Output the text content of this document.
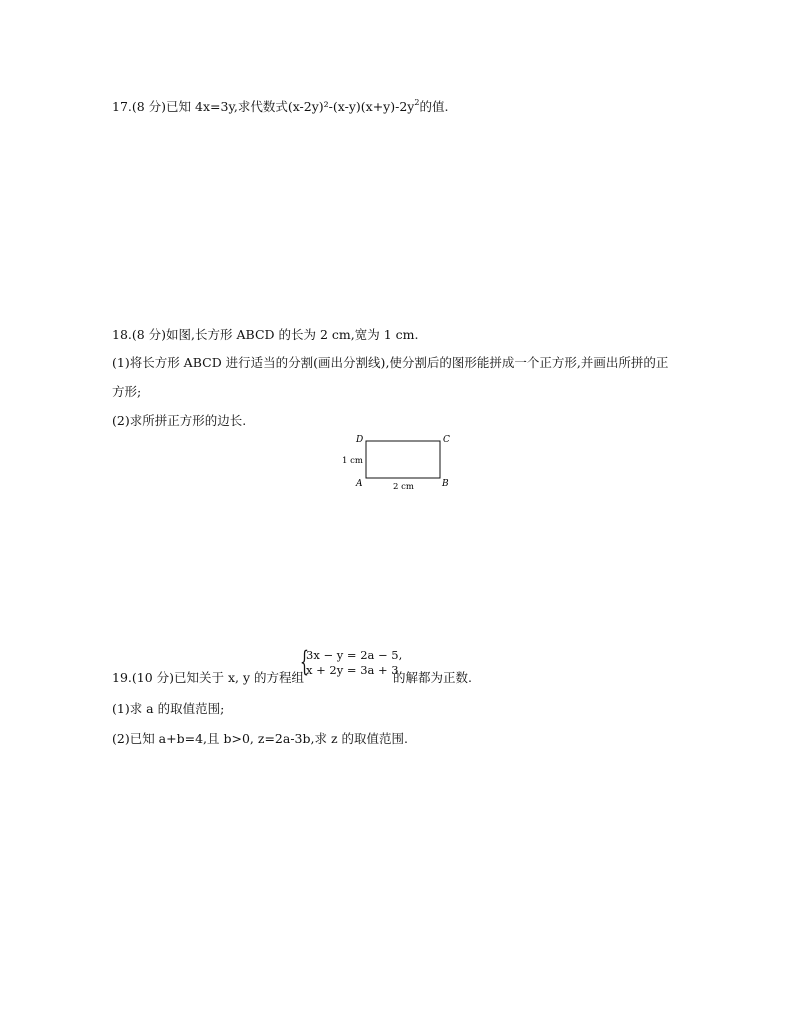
17.(8 分)已知 4x=3y,求代数式$(x-2y)^2-(x-y)(x+y)-2y^2$的值.
18.(8 分)如图,长方形 ABCD 的长为 2 cm,宽为 1 cm.
(1)将长方形 ABCD 进行适当的分割(画出分割线),使分割后的图形能拼成一个正方形,并画出所拼的正
方形;
(2)求所拼正方形的边长.
D	C
A	B
1 cm
2 cm
19.(10 分)已知关于 x, y 的方程组
{
3x − y = 2a − 5,
x + 2y = 3a + 3
的解都为正数.
(1)求 a 的取值范围;
(2)已知 a+b=4,且 b>0, z=2a-3b,求 z 的取值范围.
